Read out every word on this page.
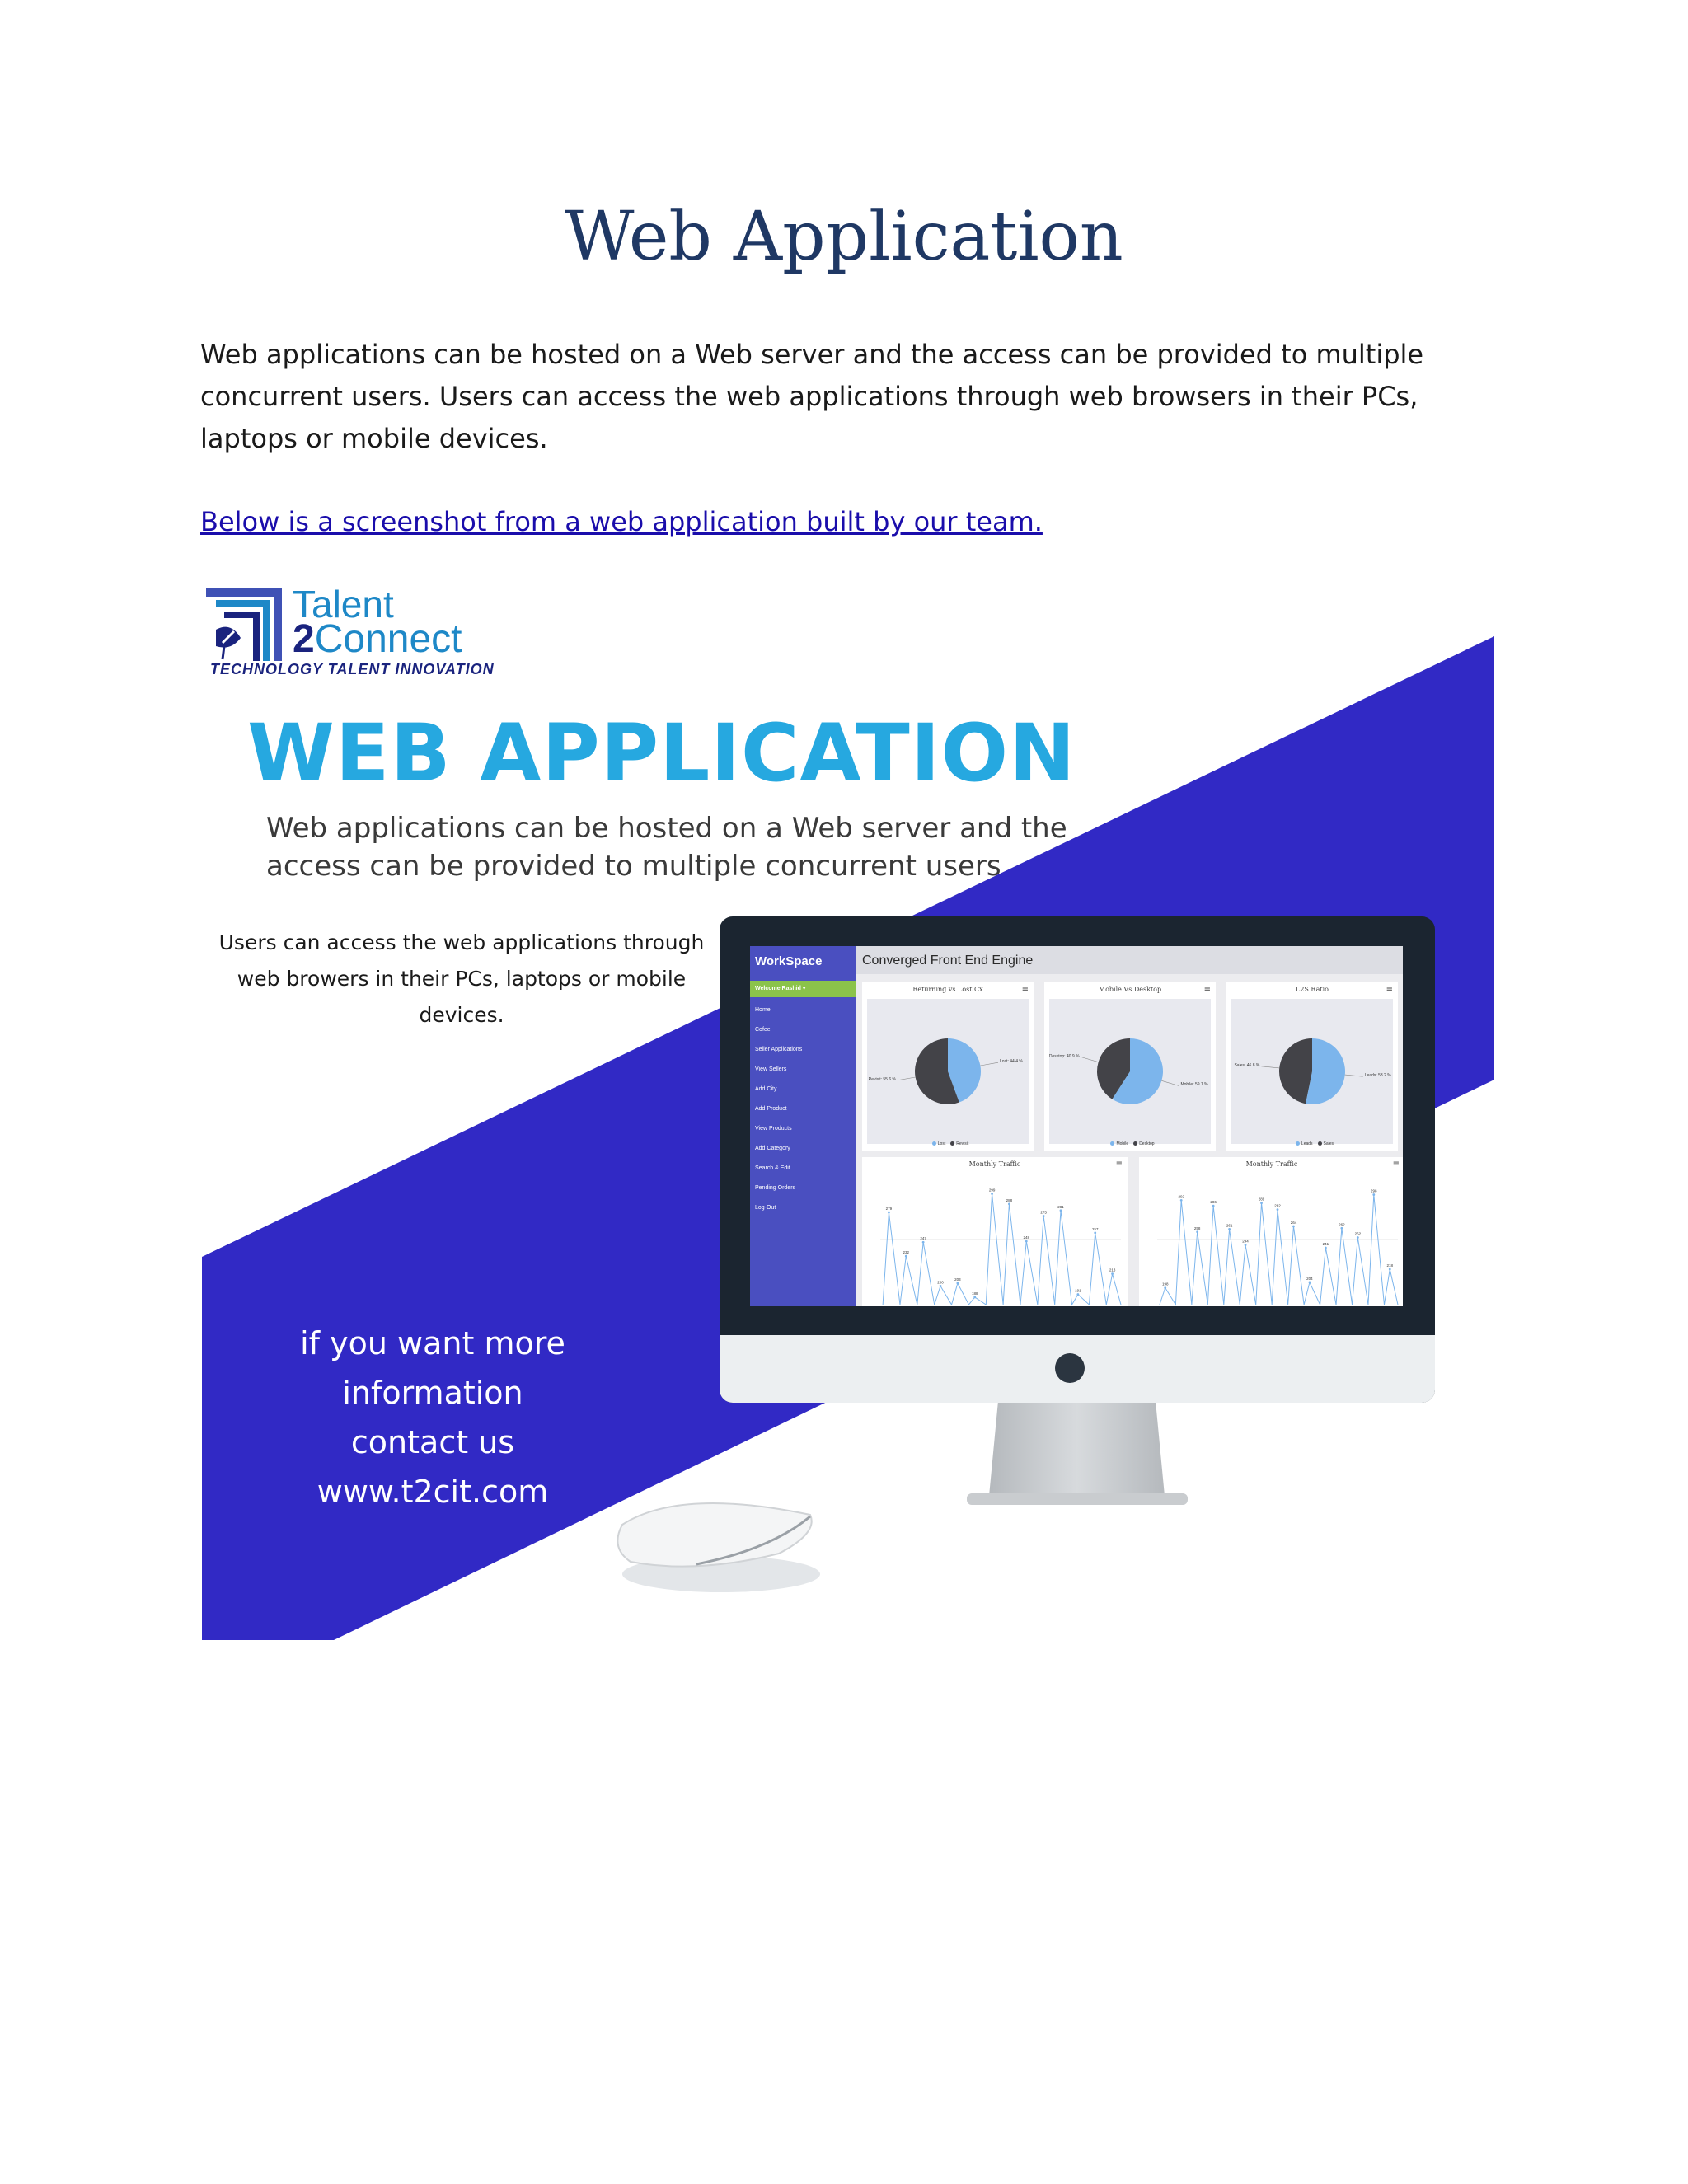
Web Application

Web applications can be hosted on a Web server and the access can be provided to multiple concurrent users. Users can access the web applications through web browsers in their PCs, laptops or mobile devices.

Below is a screenshot from a web application built by our team.
Talent
2Connect
TECHNOLOGY TALENT INNOVATION
WEB APPLICATION
Web applications can be hosted on a Web server and the access can be provided to multiple concurrent users
Users can access the web applications through
web browers in their PCs, laptops or mobile devices.
if you want more information
contact us
www.t2cit.com
WorkSpace
Welcome Rashid ▾
Home
Cofee
Seller Applications
View Sellers
Add City
Add Product
View Products
Add Category
Search & Edit
Pending Orders
Log-Out
Converged Front End Engine
Returning vs Lost Cx	≡
Lost: 44.4 %
Revisit: 55.6 %
Lost	Revisit
Mobile Vs Desktop	≡
Mobile: 59.1 %
Desktop: 40.9 %
Mobile	Desktop
L2S Ratio	≡
Leads: 53.2 %
Sales: 46.8 %
Leads	Sales
Monthly Traffic	≡
279
232
247
200
203
188
299
288
248
275
281
191
257
213
Monthly Traffic	≡
198
292
258
286
261
244
289
282
264
204
241
262
252
298
218
